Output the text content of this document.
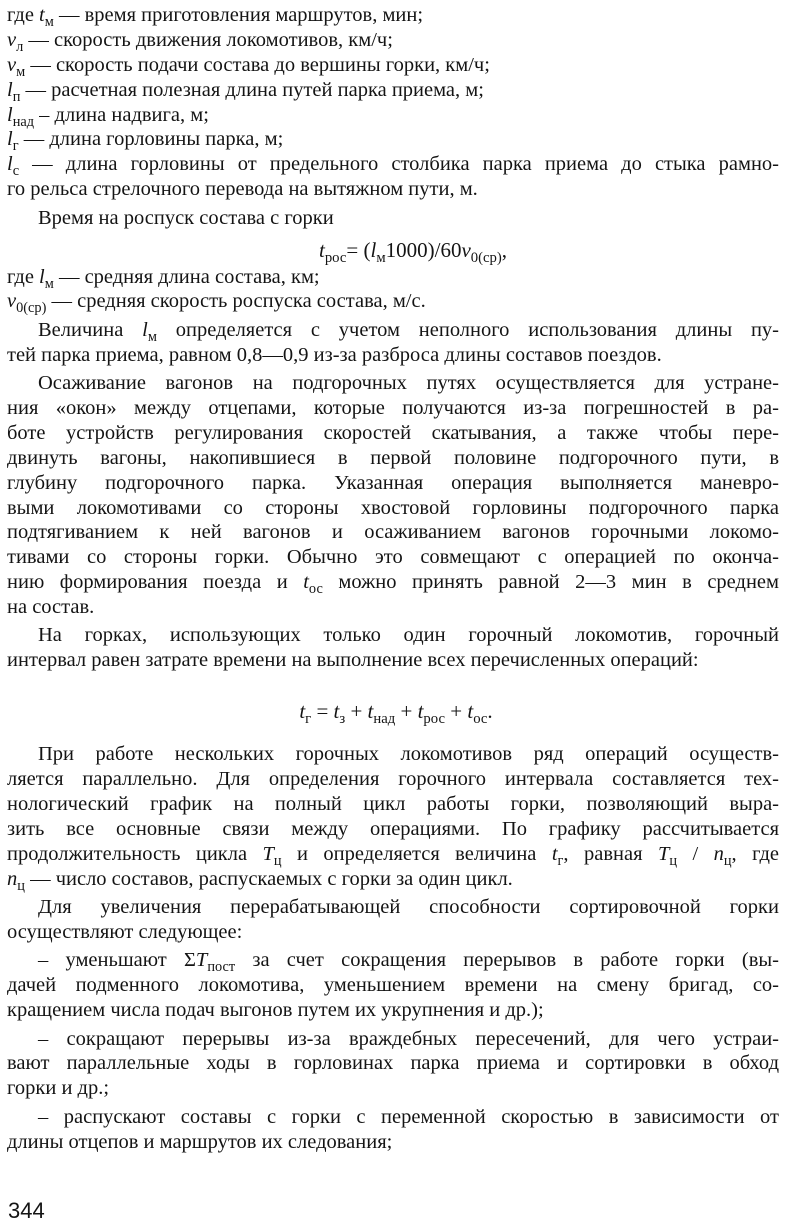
где $t_м$ — время приготовления маршрутов, мин;
$v_л$ — скорость движения локомотивов, км/ч;
$v_м$ — скорость подачи состава до вершины горки, км/ч;
$l_п$ — расчетная полезная длина путей парка приема, м;
$l_{над}$ – длина надвига, м;
$l_г$ — длина горловины парка, м;
$l_с$ — длина горловины от предельного столбика парка приема до стыка рамно-
го рельса стрелочного перевода на вытяжном пути, м.
Время на роспуск состава с горки
$t_{рос}= (l_м1000)/60v_{0(ср)}$,
где $l_м$ — средняя длина состава, км;
$v_{0(ср)}$ — средняя скорость роспуска состава, м/с.
Величина $l_м$ определяется с учетом неполного использования длины пу-
тей парка приема, равном 0,8—0,9 из-за разброса длины составов поездов.
Осаживание вагонов на подгорочных путях осуществляется для устране-
ния «окон» между отцепами, которые получаются из-за погрешностей в ра-
боте устройств регулирования скоростей скатывания, а также чтобы пере-
двинуть вагоны, накопившиеся в первой половине подгорочного пути, в
глубину подгорочного парка. Указанная операция выполняется маневро-
выми локомотивами со стороны хвостовой горловины подгорочного парка
подтягиванием к ней вагонов и осаживанием вагонов горочными локомо-
тивами со стороны горки. Обычно это совмещают с операцией по оконча-
нию формирования поезда и $t_{ос}$ можно принять равной 2—3 мин в среднем
на состав.
На горках, использующих только один горочный локомотив, горочный
интервал равен затрате времени на выполнение всех перечисленных операций:
$t_г = t_з + t_{над} + t_{рос} + t_{ос}$.
При работе нескольких горочных локомотивов ряд операций осуществ-
ляется параллельно. Для определения горочного интервала составляется тех-
нологический график на полный цикл работы горки, позволяющий выра-
зить все основные связи между операциями. По графику рассчитывается
продолжительность цикла $T_ц$ и определяется величина $t_г$, равная $T_ц / n_ц$, где
$n_ц$ — число составов, распускаемых с горки за один цикл.
Для увеличения перерабатывающей способности сортировочной горки
осуществляют следующее:
– уменьшают $\Sigma T_{пост}$ за счет сокращения перерывов в работе горки (вы-
дачей подменного локомотива, уменьшением времени на смену бригад, со-
кращением числа подач выгонов путем их укрупнения и др.);
– сокращают перерывы из-за враждебных пересечений, для чего устраи-
вают параллельные ходы в горловинах парка приема и сортировки в обход
горки и др.;
– распускают составы с горки с переменной скоростью в зависимости от
длины отцепов и маршрутов их следования;
344
